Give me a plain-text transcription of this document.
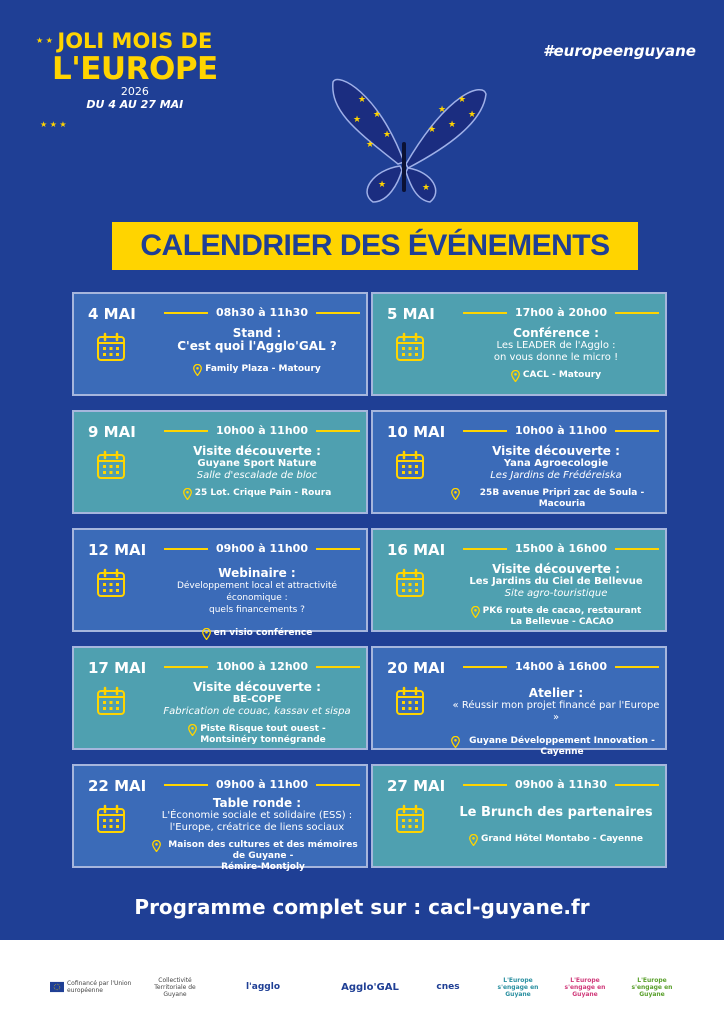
JOLI MOIS DE
L'EUROPE
2026
DU 4 AU 27 MAI
★ ★
★ ★ ★
#europeenguyane
★
★
★
★
★
★
★ ★
★	★
★
★
CALENDRIER DES ÉVÉNEMENTS
4 MAI	08h30 à 11h30
Stand :
C'est quoi l'Agglo'GAL ?
Family Plaza - Matoury
5 MAI	17h00 à 20h00
Conférence :
Les LEADER de l'Agglo :
on vous donne le micro !
CACL - Matoury
9 MAI	10h00 à 11h00
Visite découverte :
Guyane Sport Nature
Salle d'escalade de bloc
25 Lot. Crique Pain - Roura
10 MAI	10h00 à 11h00
Visite découverte :
Yana Agroecologie
Les Jardins de Frédéreiska
25B avenue Pripri zac de Soula - Macouria
12 MAI	09h00 à 11h00
Webinaire :
Développement local et attractivité économique :
quels financements ?
en visio conférence
16 MAI	15h00 à 16h00
Visite découverte :
Les Jardins du Ciel de Bellevue
Site agro-touristique
PK6 route de cacao, restaurant
La Bellevue - CACAO
17 MAI	10h00 à 12h00
Visite découverte :
BE-COPE
Fabrication de couac, kassav et sispa
Piste Risque tout ouest -
Montsinéry tonnégrande
20 MAI	14h00 à 16h00
Atelier :
« Réussir mon projet financé par l'Europe »
Guyane Développement Innovation - Cayenne
22 MAI	09h00 à 11h00
Table ronde :
L'Économie sociale et solidaire (ESS) :
l'Europe, créatrice de liens sociaux
Maison des cultures et des mémoires de Guyane -
Rémire-Montjoly
27 MAI	09h00 à 11h30
Le Brunch des partenaires
Grand Hôtel Montabo - Cayenne
Programme complet sur : cacl-guyane.fr
Cofinancé par l'Union européenne
Collectivité Territoriale de Guyane
l'agglo	Agglo'GAL	cnes
L'Europe s'engage en Guyane
L'Europe s'engage en Guyane
L'Europe s'engage en Guyane
